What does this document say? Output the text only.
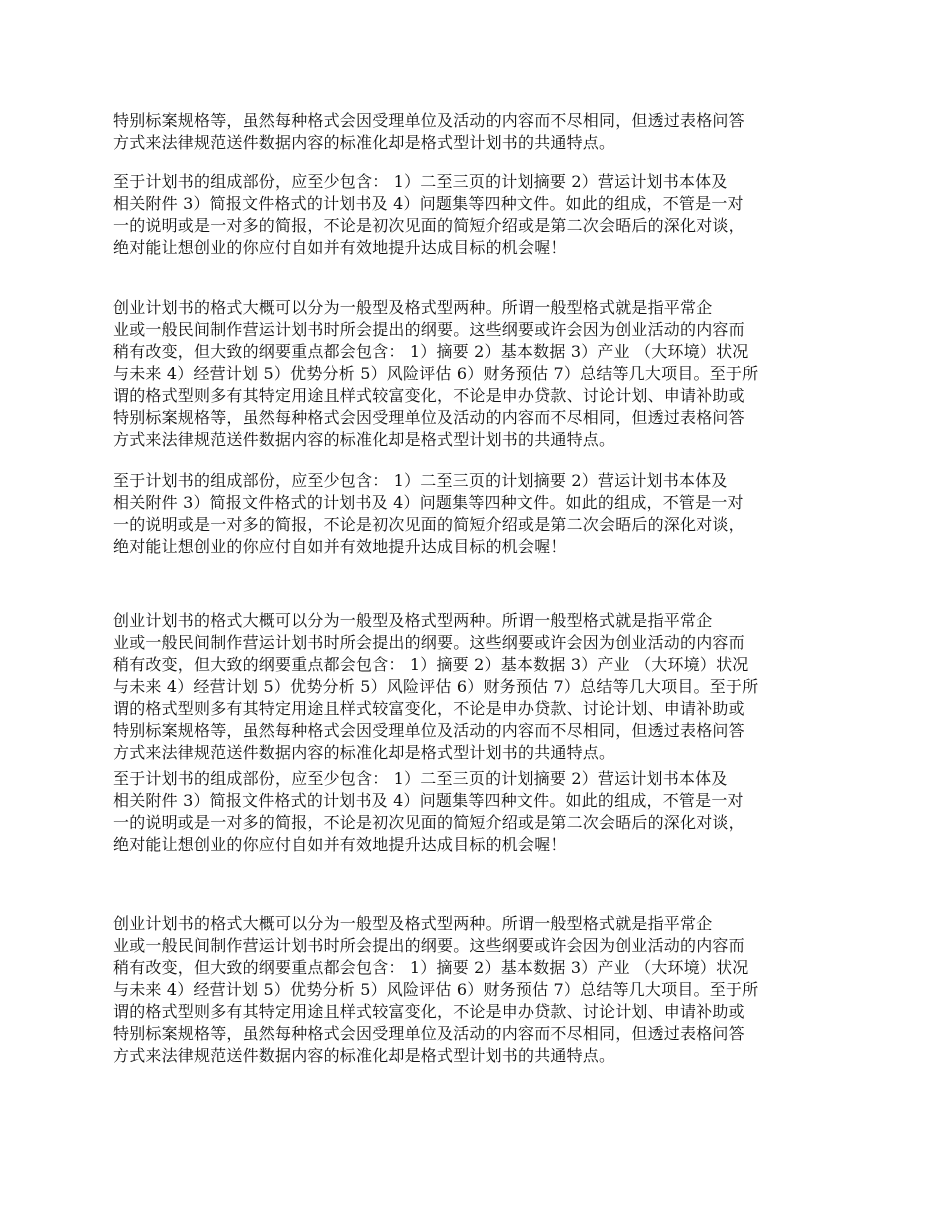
特别标案规格等，虽然每种格式会因受理单位及活动的内容而不尽相同，但透过表格问答
方式来法律规范送件数据内容的标准化却是格式型计划书的共通特点。
至于计划书的组成部份，应至少包含： 1）二至三页的计划摘要 2）营运计划书本体及
相关附件 3）简报文件格式的计划书及 4）问题集等四种文件。如此的组成，不管是一对
一的说明或是一对多的简报，不论是初次见面的简短介绍或是第二次会晤后的深化对谈，
绝对能让想创业的你应付自如并有效地提升达成目标的机会喔！
创业计划书的格式大概可以分为一般型及格式型两种。所谓一般型格式就是指平常企
业或一般民间制作营运计划书时所会提出的纲要。这些纲要或许会因为创业活动的内容而
稍有改变，但大致的纲要重点都会包含： 1）摘要 2）基本数据 3）产业 （大环境）状况
与未来 4）经营计划 5）优势分析 5）风险评估 6）财务预估 7）总结等几大项目。至于所
谓的格式型则多有其特定用途且样式较富变化，不论是申办贷款、讨论计划、申请补助或
特别标案规格等，虽然每种格式会因受理单位及活动的内容而不尽相同，但透过表格问答
方式来法律规范送件数据内容的标准化却是格式型计划书的共通特点。
至于计划书的组成部份，应至少包含： 1）二至三页的计划摘要 2）营运计划书本体及
相关附件 3）简报文件格式的计划书及 4）问题集等四种文件。如此的组成，不管是一对
一的说明或是一对多的简报，不论是初次见面的简短介绍或是第二次会晤后的深化对谈，
绝对能让想创业的你应付自如并有效地提升达成目标的机会喔！
创业计划书的格式大概可以分为一般型及格式型两种。所谓一般型格式就是指平常企
业或一般民间制作营运计划书时所会提出的纲要。这些纲要或许会因为创业活动的内容而
稍有改变，但大致的纲要重点都会包含： 1）摘要 2）基本数据 3）产业 （大环境）状况
与未来 4）经营计划 5）优势分析 5）风险评估 6）财务预估 7）总结等几大项目。至于所
谓的格式型则多有其特定用途且样式较富变化，不论是申办贷款、讨论计划、申请补助或
特别标案规格等，虽然每种格式会因受理单位及活动的内容而不尽相同，但透过表格问答
方式来法律规范送件数据内容的标准化却是格式型计划书的共通特点。
至于计划书的组成部份，应至少包含： 1）二至三页的计划摘要 2）营运计划书本体及
相关附件 3）简报文件格式的计划书及 4）问题集等四种文件。如此的组成，不管是一对
一的说明或是一对多的简报，不论是初次见面的简短介绍或是第二次会晤后的深化对谈，
绝对能让想创业的你应付自如并有效地提升达成目标的机会喔！
创业计划书的格式大概可以分为一般型及格式型两种。所谓一般型格式就是指平常企
业或一般民间制作营运计划书时所会提出的纲要。这些纲要或许会因为创业活动的内容而
稍有改变，但大致的纲要重点都会包含： 1）摘要 2）基本数据 3）产业 （大环境）状况
与未来 4）经营计划 5）优势分析 5）风险评估 6）财务预估 7）总结等几大项目。至于所
谓的格式型则多有其特定用途且样式较富变化，不论是申办贷款、讨论计划、申请补助或
特别标案规格等，虽然每种格式会因受理单位及活动的内容而不尽相同，但透过表格问答
方式来法律规范送件数据内容的标准化却是格式型计划书的共通特点。
